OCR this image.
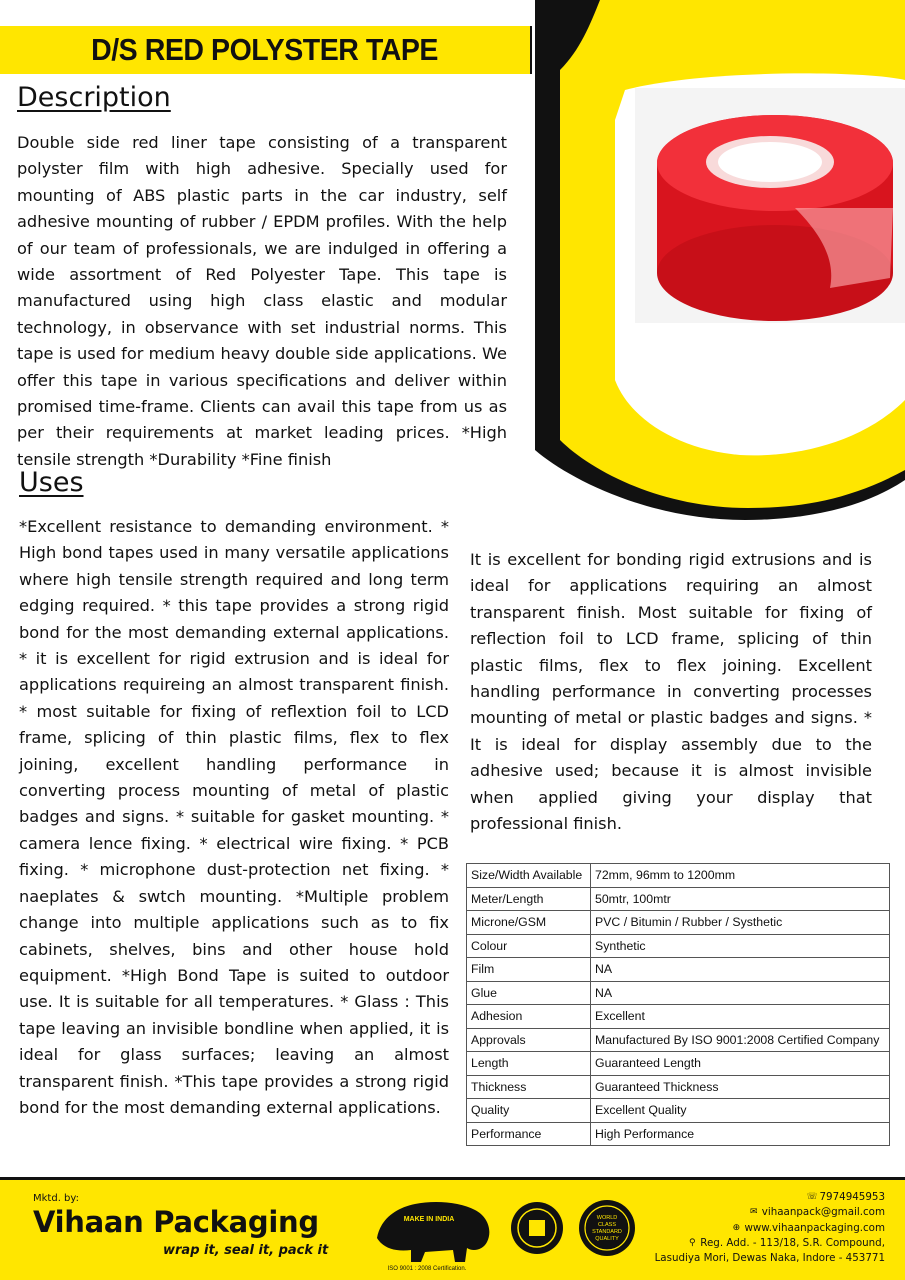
D/S RED POLYSTER TAPE
Description
Double side red liner tape consisting of a transparent polyster film with high adhesive. Specially used for mounting of ABS plastic parts in the car industry, self adhesive mounting of rubber / EPDM profiles. With the help of our team of professionals, we are indulged in offering a wide assortment of Red Polyester Tape. This tape is manufactured using high class elastic and modular technology, in observance with set industrial norms. This tape is used for medium heavy double side applications. We offer this tape in various specifications and deliver within promised time-frame. Clients can avail this tape from us as per their requirements at market leading prices. *High tensile strength *Durability *Fine finish
Uses
*Excellent resistance to demanding environment. * High bond tapes used in many versatile applications where high tensile strength required and long term edging required. * this tape provides a strong rigid bond for the most demanding external applications. * it is excellent for rigid extrusion and is ideal for applications requireing an almost transparent finish. * most suitable for fixing of reflextion foil to LCD frame, splicing of thin plastic films, flex to flex joining, excellent handling performance in converting process mounting of metal of plastic badges and signs. * suitable for gasket mounting. * camera lence fixing. * electrical wire fixing. * PCB fixing. * microphone dust-protection net fixing. * naeplates & swtch mounting. *Multiple problem change into multiple applications such as to fix cabinets, shelves, bins and other house hold equipment. *High Bond Tape is suited to outdoor use. It is suitable for all temperatures. * Glass : This tape leaving an invisible bondline when applied, it is ideal for glass surfaces; leaving an almost transparent finish. *This tape provides a strong rigid bond for the most demanding external applications.
It is excellent for bonding rigid extrusions and is ideal for applications requiring an almost transparent finish. Most suitable for fixing of reflection foil to LCD frame, splicing of thin plastic films, flex to flex joining. Excellent handling performance in converting processes mounting of metal or plastic badges and signs. * It is ideal for display assembly due to the adhesive used; because it is almost invisible when applied giving your display that professional finish.
Size/Width Available	72mm, 96mm to 1200mm
Meter/Length	50mtr, 100mtr
Microne/GSM	PVC / Bitumin / Rubber / Systhetic
Colour	Synthetic
Film	NA
Glue	NA
Adhesion	Excellent
Approvals	Manufactured By ISO 9001:2008 Certified Company
Length	Guaranteed Length
Thickness	Guaranteed Thickness
Quality	Excellent Quality
Performance	High Performance
Mktd. by:
Vihaan Packaging
wrap it, seal it, pack it
MAKE IN INDIA
ISO 9001 : 2008 Certification.
WORLD
CLASS
STANDARD
QUALITY
☏ 7974945953
✉ vihaanpack@gmail.com
⊕ www.vihaanpackaging.com
⚲ Reg. Add. - 113/18, S.R. Compound,
Lasudiya Mori, Dewas Naka, Indore - 453771
